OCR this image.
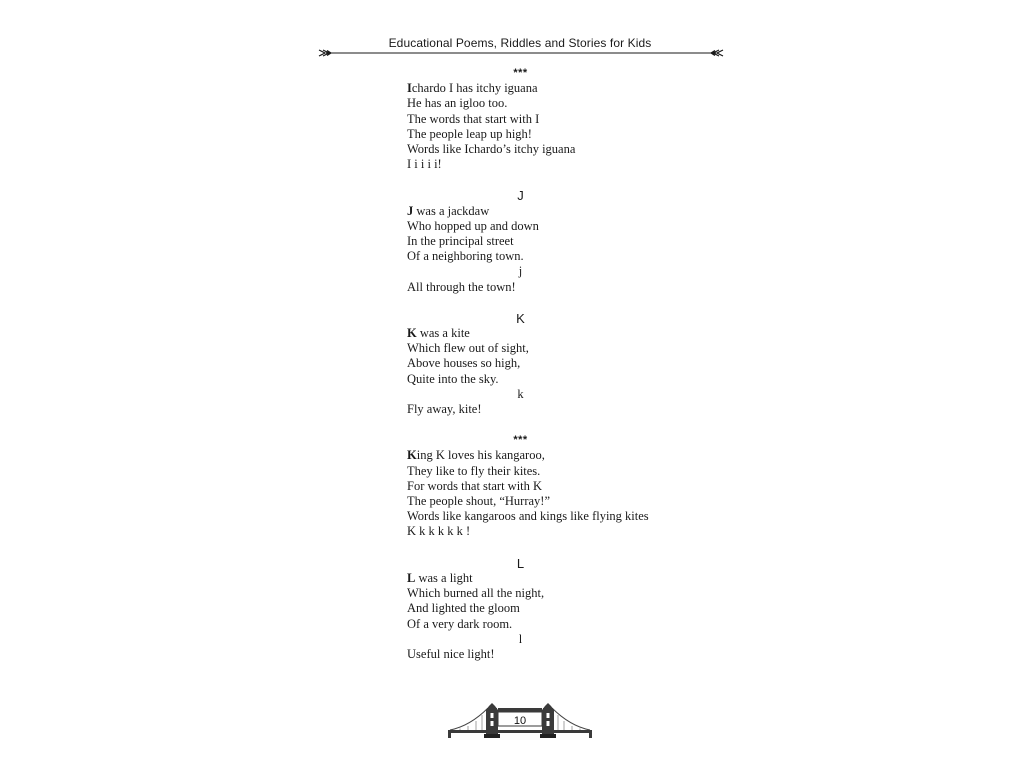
Educational Poems, Riddles and Stories for Kids
***
Ichardo I has itchy iguana
He has an igloo too.
The words that start with I
The people leap up high!
Words like Ichardo’s itchy iguana
I i i i i!
J
J was a jackdaw
Who hopped up and down
In the principal street
Of a neighboring town.
j
All through the town!
K
K was a kite
Which flew out of sight,
Above houses so high,
Quite into the sky.
k
Fly away, kite!
***
King K loves his kangaroo,
They like to fly their kites.
For words that start with K
The people shout, “Hurray!”
Words like kangaroos and kings like flying kites
K k k k k k !
L
L was a light
Which burned all the night,
And lighted the gloom
Of a very dark room.
l
Useful nice light!
10
